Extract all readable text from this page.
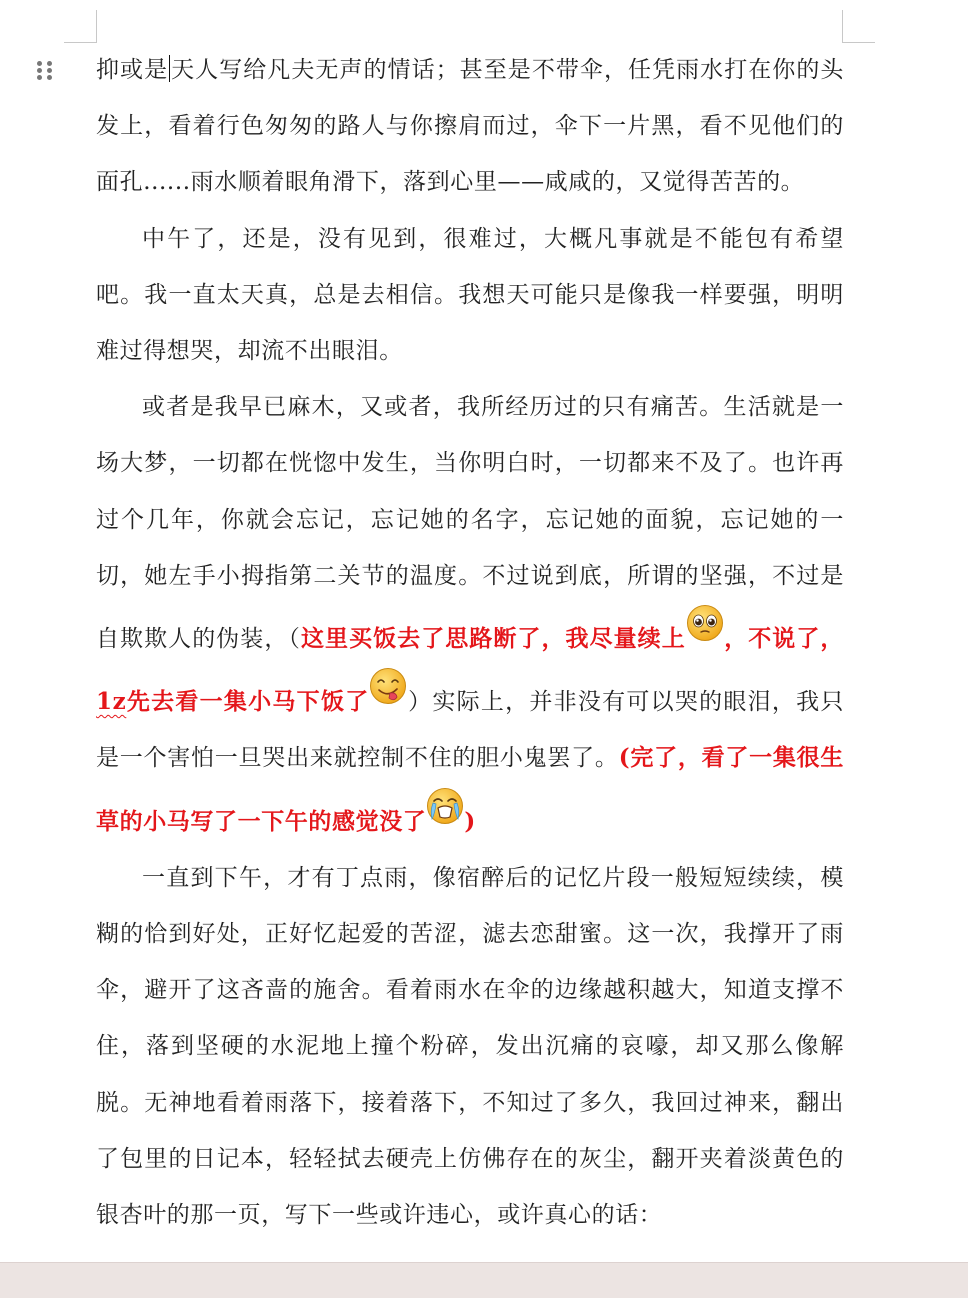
抑或是 天人写给凡夫无声的情话；甚至是不带伞，任凭雨水打在你的头发上，看着行色匆匆的路人与你擦肩而过，伞下一片黑，看不见他们的面孔......雨水顺着眼角滑下，落到心里——咸咸的，又觉得苦苦的。

中午了，还是，没有见到，很难过，大概凡事就是不能包有希望吧。我一直太天真，总是去相信。我想天可能只是像我一样要强，明明难过得想哭，却流不出眼泪。

或者是我早已麻木，又或者，我所经历过的只有痛苦。生活就是一场大梦，一切都在恍惚中发生，当你明白时，一切都来不及了。也许再过个几年，你就会忘记，忘记她的名字，忘记她的面貌，忘记她的一切，她左手小拇指第二关节的温度。不过说到底，所谓的坚强，不过是自欺欺人的伪装，（这里买饭去了思路断了，我尽量续上 ，不说了，1z先去看一集小马下饭了 ）实际上，并非没有可以哭的眼泪，我只是一个害怕一旦哭出来就控制不住的胆小鬼罢了。(完了，看了一集很生草的小马写了一下午的感觉没了 )

一直到下午，才有丁点雨，像宿醉后的记忆片段一般短短续续，模糊的恰到好处，正好忆起爱的苦涩，滤去恋甜蜜。这一次，我撑开了雨伞，避开了这吝啬的施舍。看着雨水在伞的边缘越积越大，知道支撑不住，落到坚硬的水泥地上撞个粉碎，发出沉痛的哀嚎，却又那么像解脱。无神地看着雨落下，接着落下，不知过了多久，我回过神来，翻出了包里的日记本，轻轻拭去硬壳上仿佛存在的灰尘，翻开夹着淡黄色的银杏叶的那一页，写下一些或许违心，或许真心的话：
